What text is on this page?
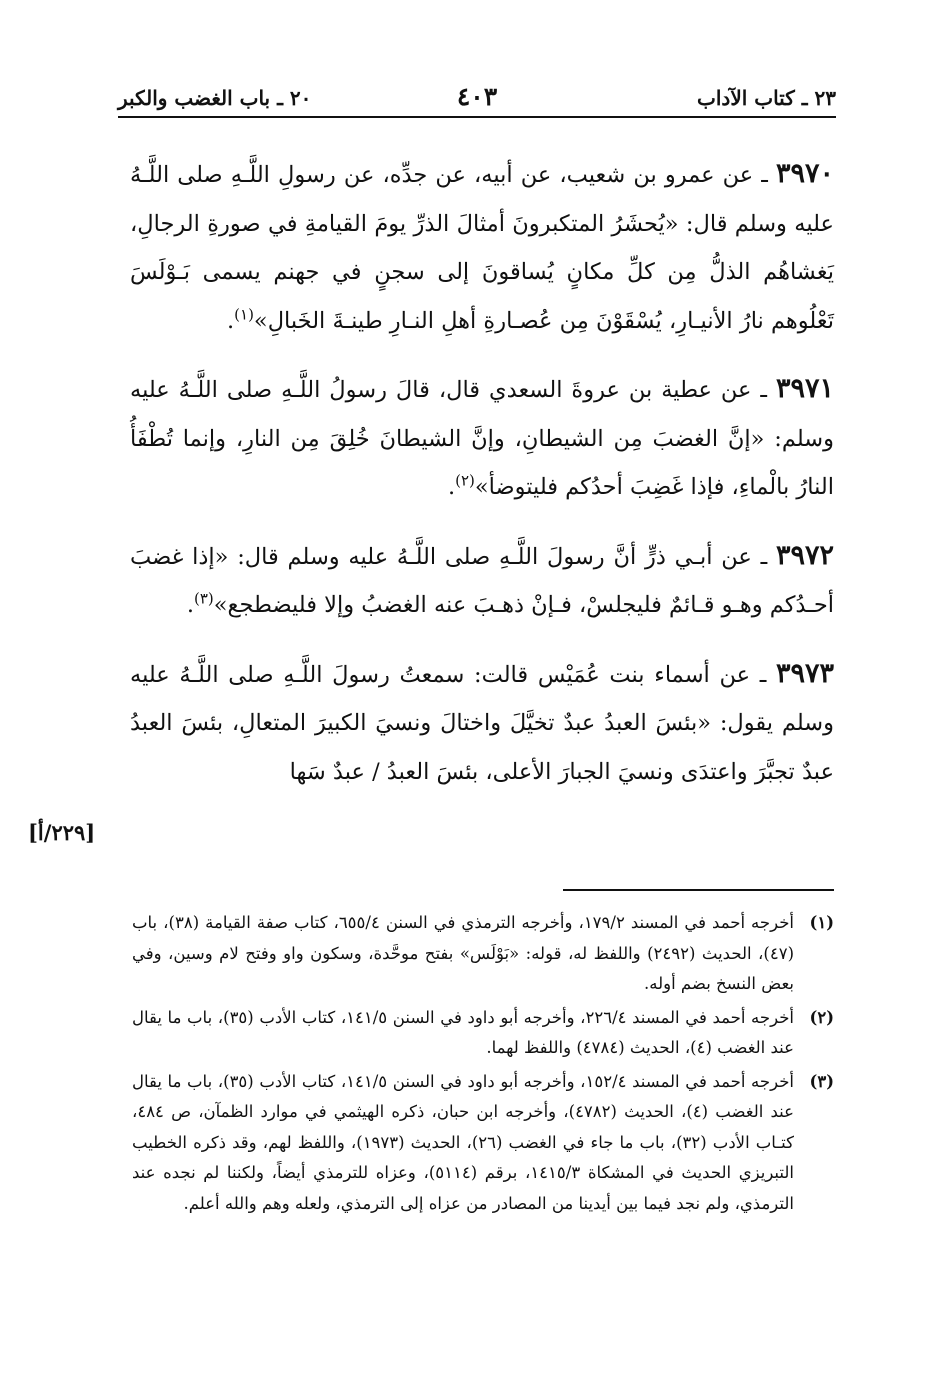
٢٣ ـ كتاب الآداب
٤٠٣
٢٠ ـ باب الغضب والكبر

٣٩٧٠ ـ عن عمرو بن شعيب، عن أبيه، عن جدِّه، عن رسولِ اللَّـهِ صلى اللَّـهُ عليه وسلم قال: «يُحشَرُ المتكبرونَ أمثالَ الذرِّ يومَ القيامةِ في صورةِ الرجالِ، يَغشاهُم الذلُّ مِن كلِّ مكانٍ يُساقونَ إلى سجنٍ في جهنم يسمى بَـوْلَسَ تَعْلُوهم نارُ الأنيـارِ، يُسْقَوْنَ مِن عُصـارةِ أهلِ النـارِ طينـةَ الخَبالِ»$^{(١)}$.

٣٩٧١ ـ عن عطية بن عروةَ السعدي قال، قالَ رسولُ اللَّـهِ صلى اللَّـهُ عليه وسلم: «إنَّ الغضبَ مِن الشيطانِ، وإنَّ الشيطانَ خُلِقَ مِن النارِ، وإنما تُطْفَأُ النارُ بالْماءِ، فإذا غَضِبَ أحدُكم فليتوضأ»$^{(٢)}$.

٣٩٧٢ ـ عن أبـي ذرٍّ أنَّ رسولَ اللَّـهِ صلى اللَّـهُ عليه وسلم قال: «إذا غضبَ أحـدُكم وهـو قـائمٌ فليجلسْ، فـإنْ ذهـبَ عنه الغضبُ وإلا فليضطجع»$^{(٣)}$.

٣٩٧٣ ـ عن أسماء بنت عُمَيْس قالت: سمعتُ رسولَ اللَّـهِ صلى اللَّـهُ عليه وسلم يقول: «بئسَ العبدُ عبدٌ تخيَّلَ واختالَ ونسيَ الكبيرَ المتعالِ، بئسَ العبدُ عبدٌ تجبَّرَ واعتدَى ونسيَ الجبارَ الأعلى، بئسَ العبدُ / عبدٌ سَها

[٢٢٩/أ]
(١)
أخرجه أحمد في المسند ١٧٩/٢، وأخرجه الترمذي في السنن ٦٥٥/٤، كتاب صفة القيامة (٣٨)، باب (٤٧)، الحديث (٢٤٩٢) واللفظ له، قوله: «بَوْلَس» بفتح موحَّدة، وسكون واو وفتح لام وسين، وفي بعض النسخ بضم أوله.
(٢)
أخرجه أحمد في المسند ٢٢٦/٤، وأخرجه أبو داود في السنن ١٤١/٥، كتاب الأدب (٣٥)، باب ما يقال عند الغضب (٤)، الحديث (٤٧٨٤) واللفظ لهما.
(٣)
أخرجه أحمد في المسند ١٥٢/٤، وأخرجه أبو داود في السنن ١٤١/٥، كتاب الأدب (٣٥)، باب ما يقال عند الغضب (٤)، الحديث (٤٧٨٢)، وأخرجه ابن حبان، ذكره الهيثمي في موارد الظمآن، ص ٤٨٤، كتـاب الأدب (٣٢)، باب ما جاء في الغضب (٢٦)، الحديث (١٩٧٣)، واللفظ لهم، وقد ذكره الخطيب التبريزي الحديث في المشكاة ١٤١٥/٣، برقم (٥١١٤)، وعزاه للترمذي أيضاً، ولكننا لم نجده عند الترمذي، ولم نجد فيما بين أيدينا من المصادر من عزاه إلى الترمذي، ولعله وهم والله أعلم.
